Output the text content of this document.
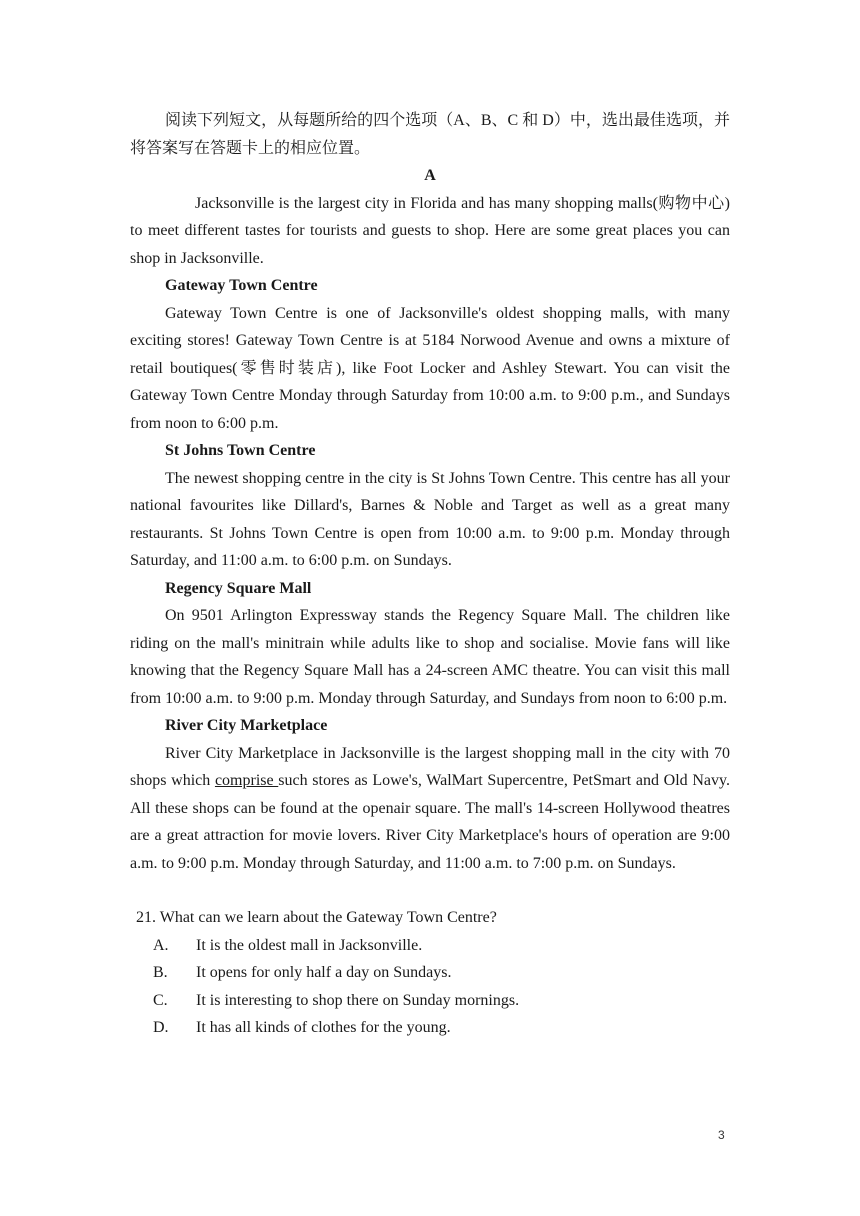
阅读下列短文，从每题所给的四个选项（A、B、C 和 D）中，选出最佳选项，并将答案写在答题卡上的相应位置。

A

Jacksonville is the largest city in Florida and has many shopping malls(购物中心) to meet different tastes for tourists and guests to shop. Here are some great places you can shop in Jacksonville.

Gateway Town Centre

Gateway Town Centre is one of Jacksonville's oldest shopping malls, with many exciting stores! Gateway Town Centre is at 5184 Norwood Avenue and owns a mixture of retail boutiques(零售时装店), like Foot Locker and Ashley Stewart. You can visit the Gateway Town Centre Monday through Saturday from 10:00 a.m. to 9:00 p.m., and Sundays from noon to 6:00 p.m.

St Johns Town Centre

The newest shopping centre in the city is St Johns Town Centre. This centre has all your national favourites like Dillard's, Barnes & Noble and Target as well as a great many restaurants. St Johns Town Centre is open from 10:00 a.m. to 9:00 p.m. Monday through Saturday, and 11:00 a.m. to 6:00 p.m. on Sundays.

Regency Square Mall

On 9501 Arlington Expressway stands the Regency Square Mall. The children like riding on the mall's minitrain while adults like to shop and socialise. Movie fans will like knowing that the Regency Square Mall has a 24-screen AMC theatre. You can visit this mall from 10:00 a.m. to 9:00 p.m. Monday through Saturday, and Sundays from noon to 6:00 p.m.

River City Marketplace

River City Marketplace in Jacksonville is the largest shopping mall in the city with 70 shops which comprise such stores as Lowe's, WalMart Supercentre, PetSmart and Old Navy. All these shops can be found at the openair square. The mall's 14-screen Hollywood theatres are a great attraction for movie lovers. River City Marketplace's hours of operation are 9:00 a.m. to 9:00 p.m. Monday through Saturday, and 11:00 a.m. to 7:00 p.m. on Sundays.

21. What can we learn about the Gateway Town Centre?
A.	It is the oldest mall in Jacksonville.
B.	It opens for only half a day on Sundays.
C.	It is interesting to shop there on Sunday mornings.
D.	It has all kinds of clothes for the young.
3
